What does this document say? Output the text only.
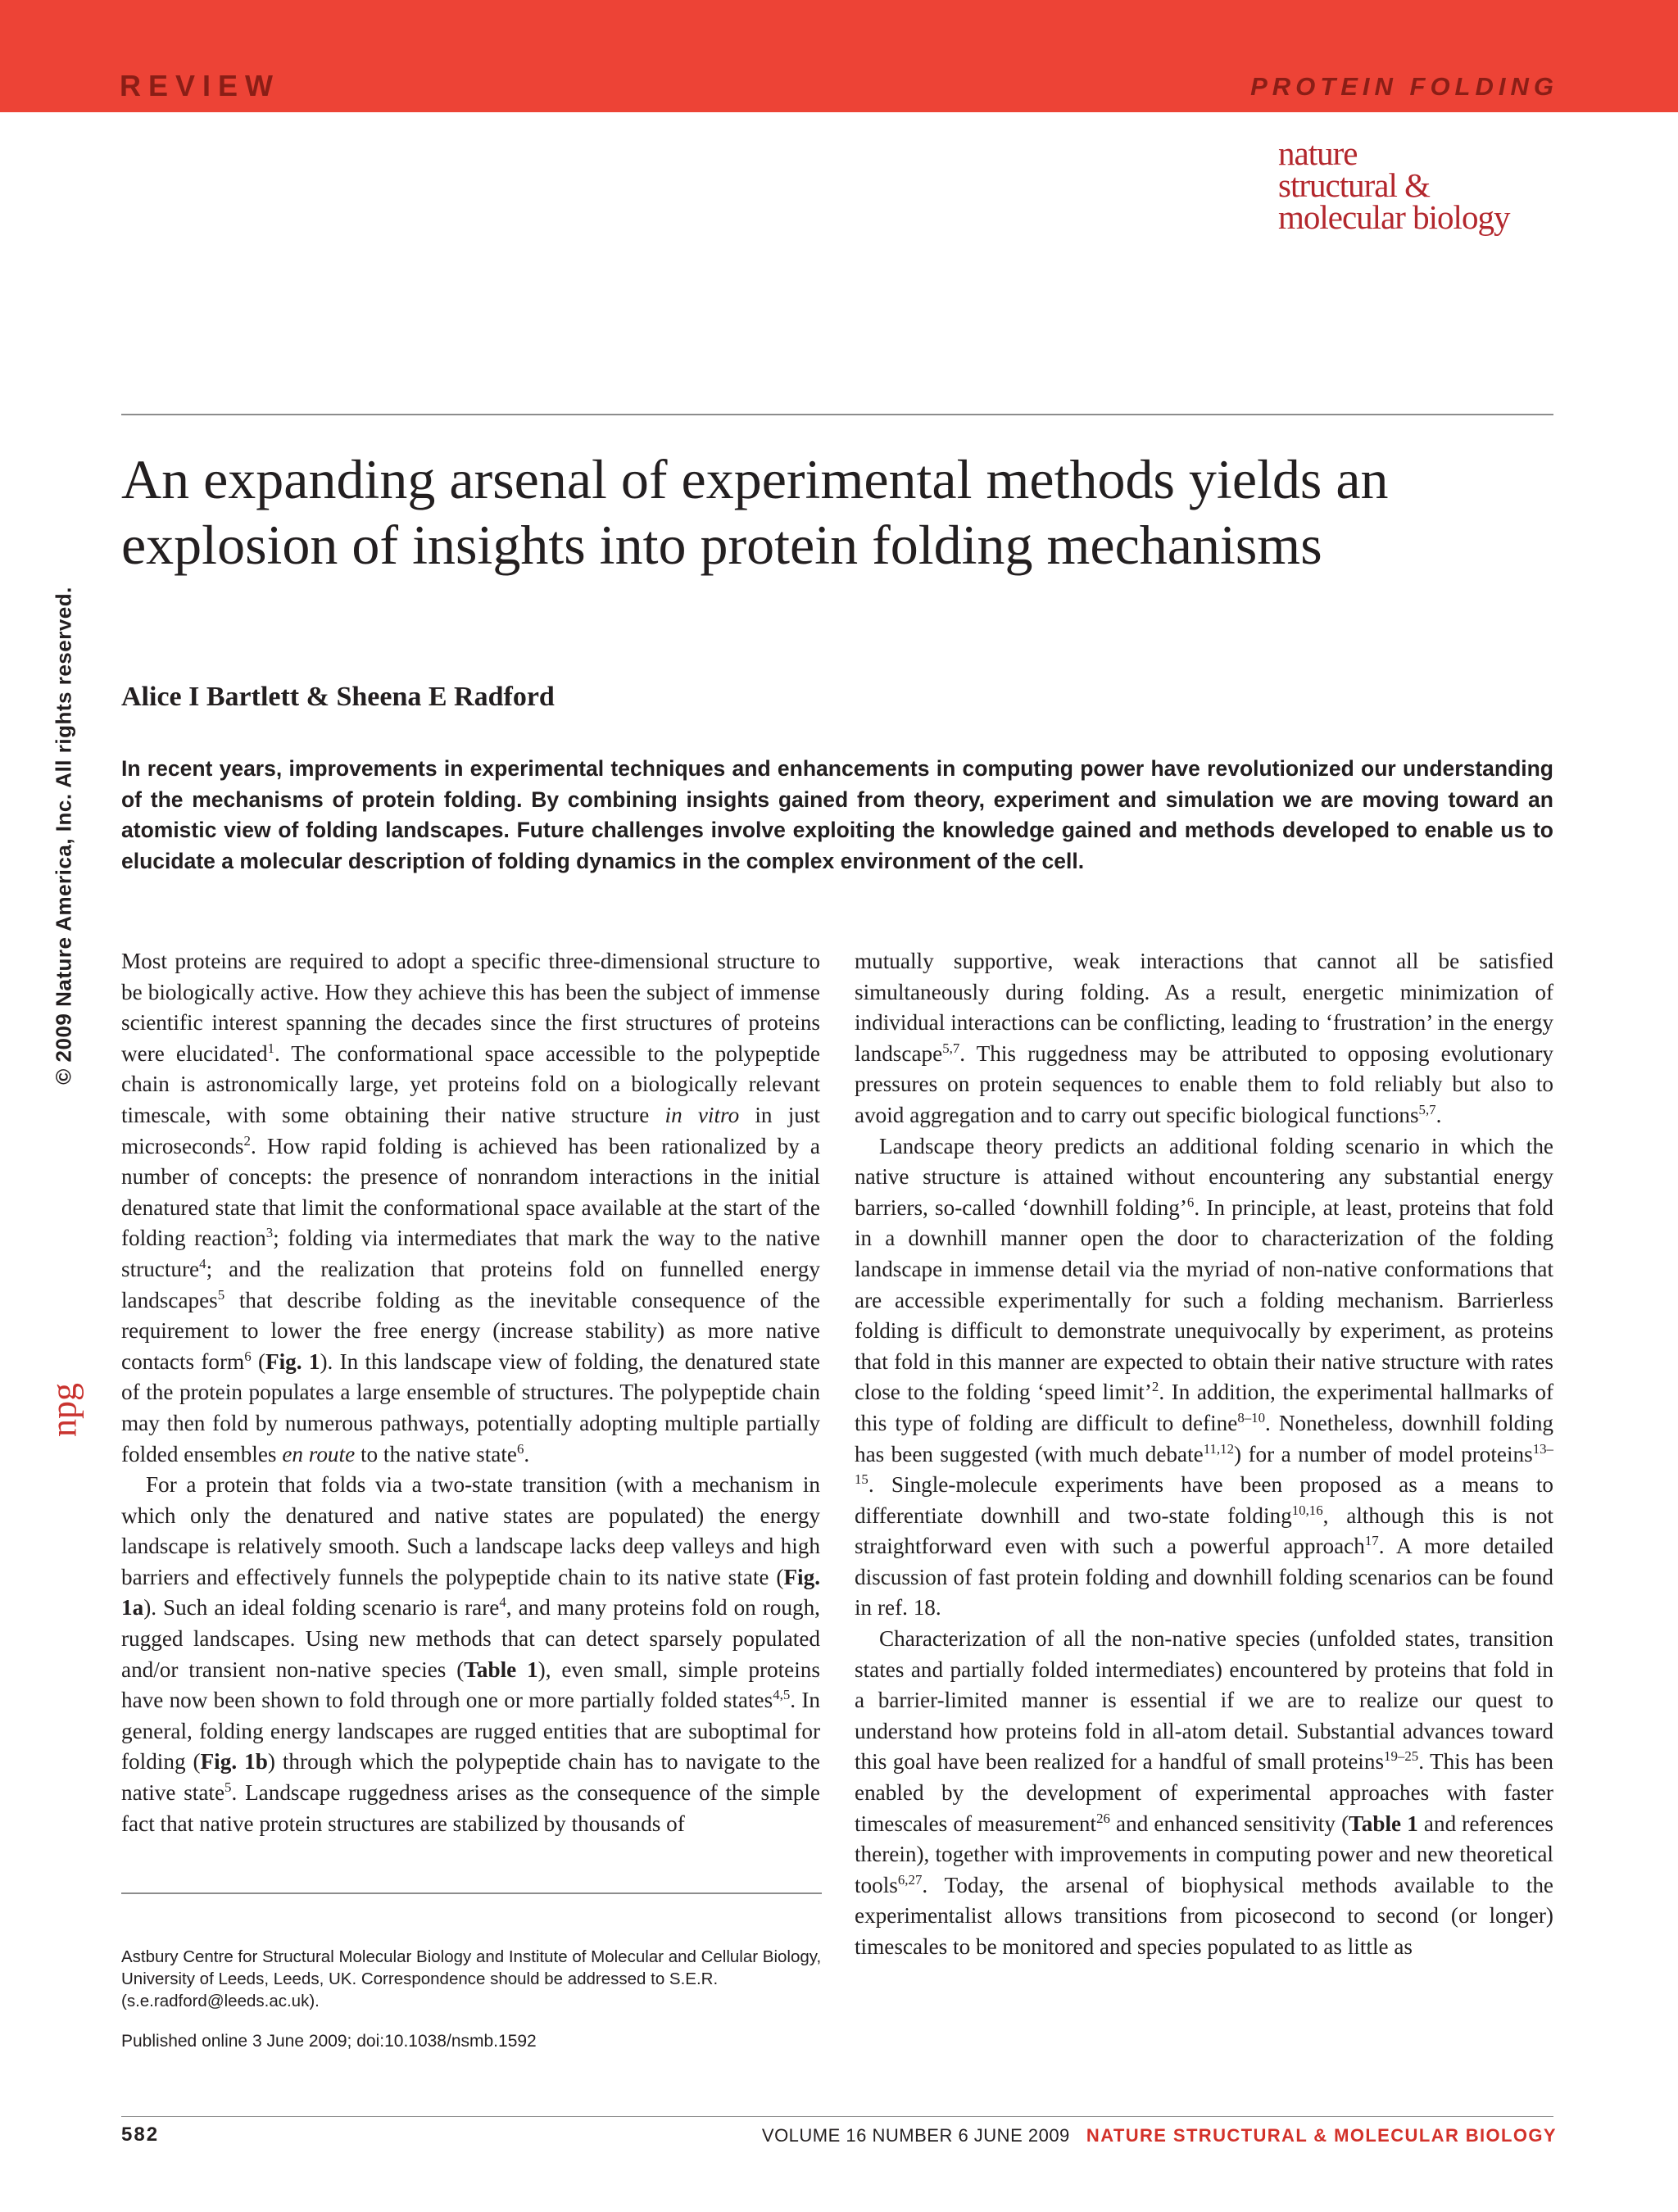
REVIEW	PROTEIN FOLDING
nature
structural &
molecular biology
An expanding arsenal of experimental methods yields an explosion of insights into protein folding mechanisms
Alice I Bartlett & Sheena E Radford
© 2009 Nature America, Inc. All rights reserved.
npg

In recent years, improvements in experimental techniques and enhancements in computing power have revolutionized our understanding of the mechanisms of protein folding. By combining insights gained from theory, experiment and simulation we are moving toward an atomistic view of folding landscapes. Future challenges involve exploiting the knowledge gained and methods developed to enable us to elucidate a molecular description of folding dynamics in the complex environment of the cell.

Most proteins are required to adopt a specific three-dimensional structure to be biologically active. How they achieve this has been the subject of immense scientific interest spanning the decades since the first structures of proteins were elucidated$^1$. The conformational space accessible to the polypeptide chain is astronomically large, yet proteins fold on a biologically relevant timescale, with some obtaining their native structure in vitro in just microseconds$^2$. How rapid folding is achieved has been rationalized by a number of concepts: the presence of nonrandom interactions in the initial denatured state that limit the conformational space available at the start of the folding reaction$^3$; folding via intermediates that mark the way to the native structure$^4$; and the realization that proteins fold on funnelled energy landscapes$^5$ that describe folding as the inevitable consequence of the requirement to lower the free energy (increase stability) as more native contacts form$^6$ (Fig. 1). In this landscape view of folding, the denatured state of the protein populates a large ensemble of structures. The polypeptide chain may then fold by numerous pathways, potentially adopting multiple partially folded ensembles en route to the native state$^6$.

For a protein that folds via a two-state transition (with a mechanism in which only the denatured and native states are populated) the energy landscape is relatively smooth. Such a landscape lacks deep valleys and high barriers and effectively funnels the polypeptide chain to its native state (Fig. 1a). Such an ideal folding scenario is rare$^4$, and many proteins fold on rough, rugged landscapes. Using new methods that can detect sparsely populated and/or transient non-native species (Table 1), even small, simple proteins have now been shown to fold through one or more partially folded states$^{4,5}$. In general, folding energy landscapes are rugged entities that are suboptimal for folding (Fig. 1b) through which the polypeptide chain has to navigate to the native state$^5$. Landscape ruggedness arises as the consequence of the simple fact that native protein structures are stabilized by thousands of

mutually supportive, weak interactions that cannot all be satisfied simultaneously during folding. As a result, energetic minimization of individual interactions can be conflicting, leading to ‘frustration’ in the energy landscape$^{5,7}$. This ruggedness may be attributed to opposing evolutionary pressures on protein sequences to enable them to fold reliably but also to avoid aggregation and to carry out specific biological functions$^{5,7}$.

Landscape theory predicts an additional folding scenario in which the native structure is attained without encountering any substantial energy barriers, so-called ‘downhill folding’$^6$. In principle, at least, proteins that fold in a downhill manner open the door to characterization of the folding landscape in immense detail via the myriad of non-native conformations that are accessible experimentally for such a folding mechanism. Barrierless folding is difficult to demonstrate unequivocally by experiment, as proteins that fold in this manner are expected to obtain their native structure with rates close to the folding ‘speed limit’$^2$. In addition, the experimental hallmarks of this type of folding are difficult to define$^{8-10}$. Nonetheless, downhill folding has been suggested (with much debate$^{11,12}$) for a number of model proteins$^{13-15}$. Single-molecule experiments have been proposed as a means to differentiate downhill and two-state folding$^{10,16}$, although this is not straightforward even with such a powerful approach$^{17}$. A more detailed discussion of fast protein folding and downhill folding scenarios can be found in ref. 18.

Characterization of all the non-native species (unfolded states, transition states and partially folded intermediates) encountered by proteins that fold in a barrier-limited manner is essential if we are to realize our quest to understand how proteins fold in all-atom detail. Substantial advances toward this goal have been realized for a handful of small proteins$^{19-25}$. This has been enabled by the development of experimental approaches with faster timescales of measurement$^{26}$ and enhanced sensitivity (Table 1 and references therein), together with improvements in computing power and new theoretical tools$^{6,27}$. Today, the arsenal of biophysical methods available to the experimentalist allows transitions from picosecond to second (or longer) timescales to be monitored and species populated to as little as

Astbury Centre for Structural Molecular Biology and Institute of Molecular and Cellular Biology, University of Leeds, Leeds, UK. Correspondence should be addressed to S.E.R. (s.e.radford@leeds.ac.uk).

Published online 3 June 2009; doi:10.1038/nsmb.1592

582	VOLUME 16 NUMBER 6 JUNE 2009 NATURE STRUCTURAL & MOLECULAR BIOLOGY
